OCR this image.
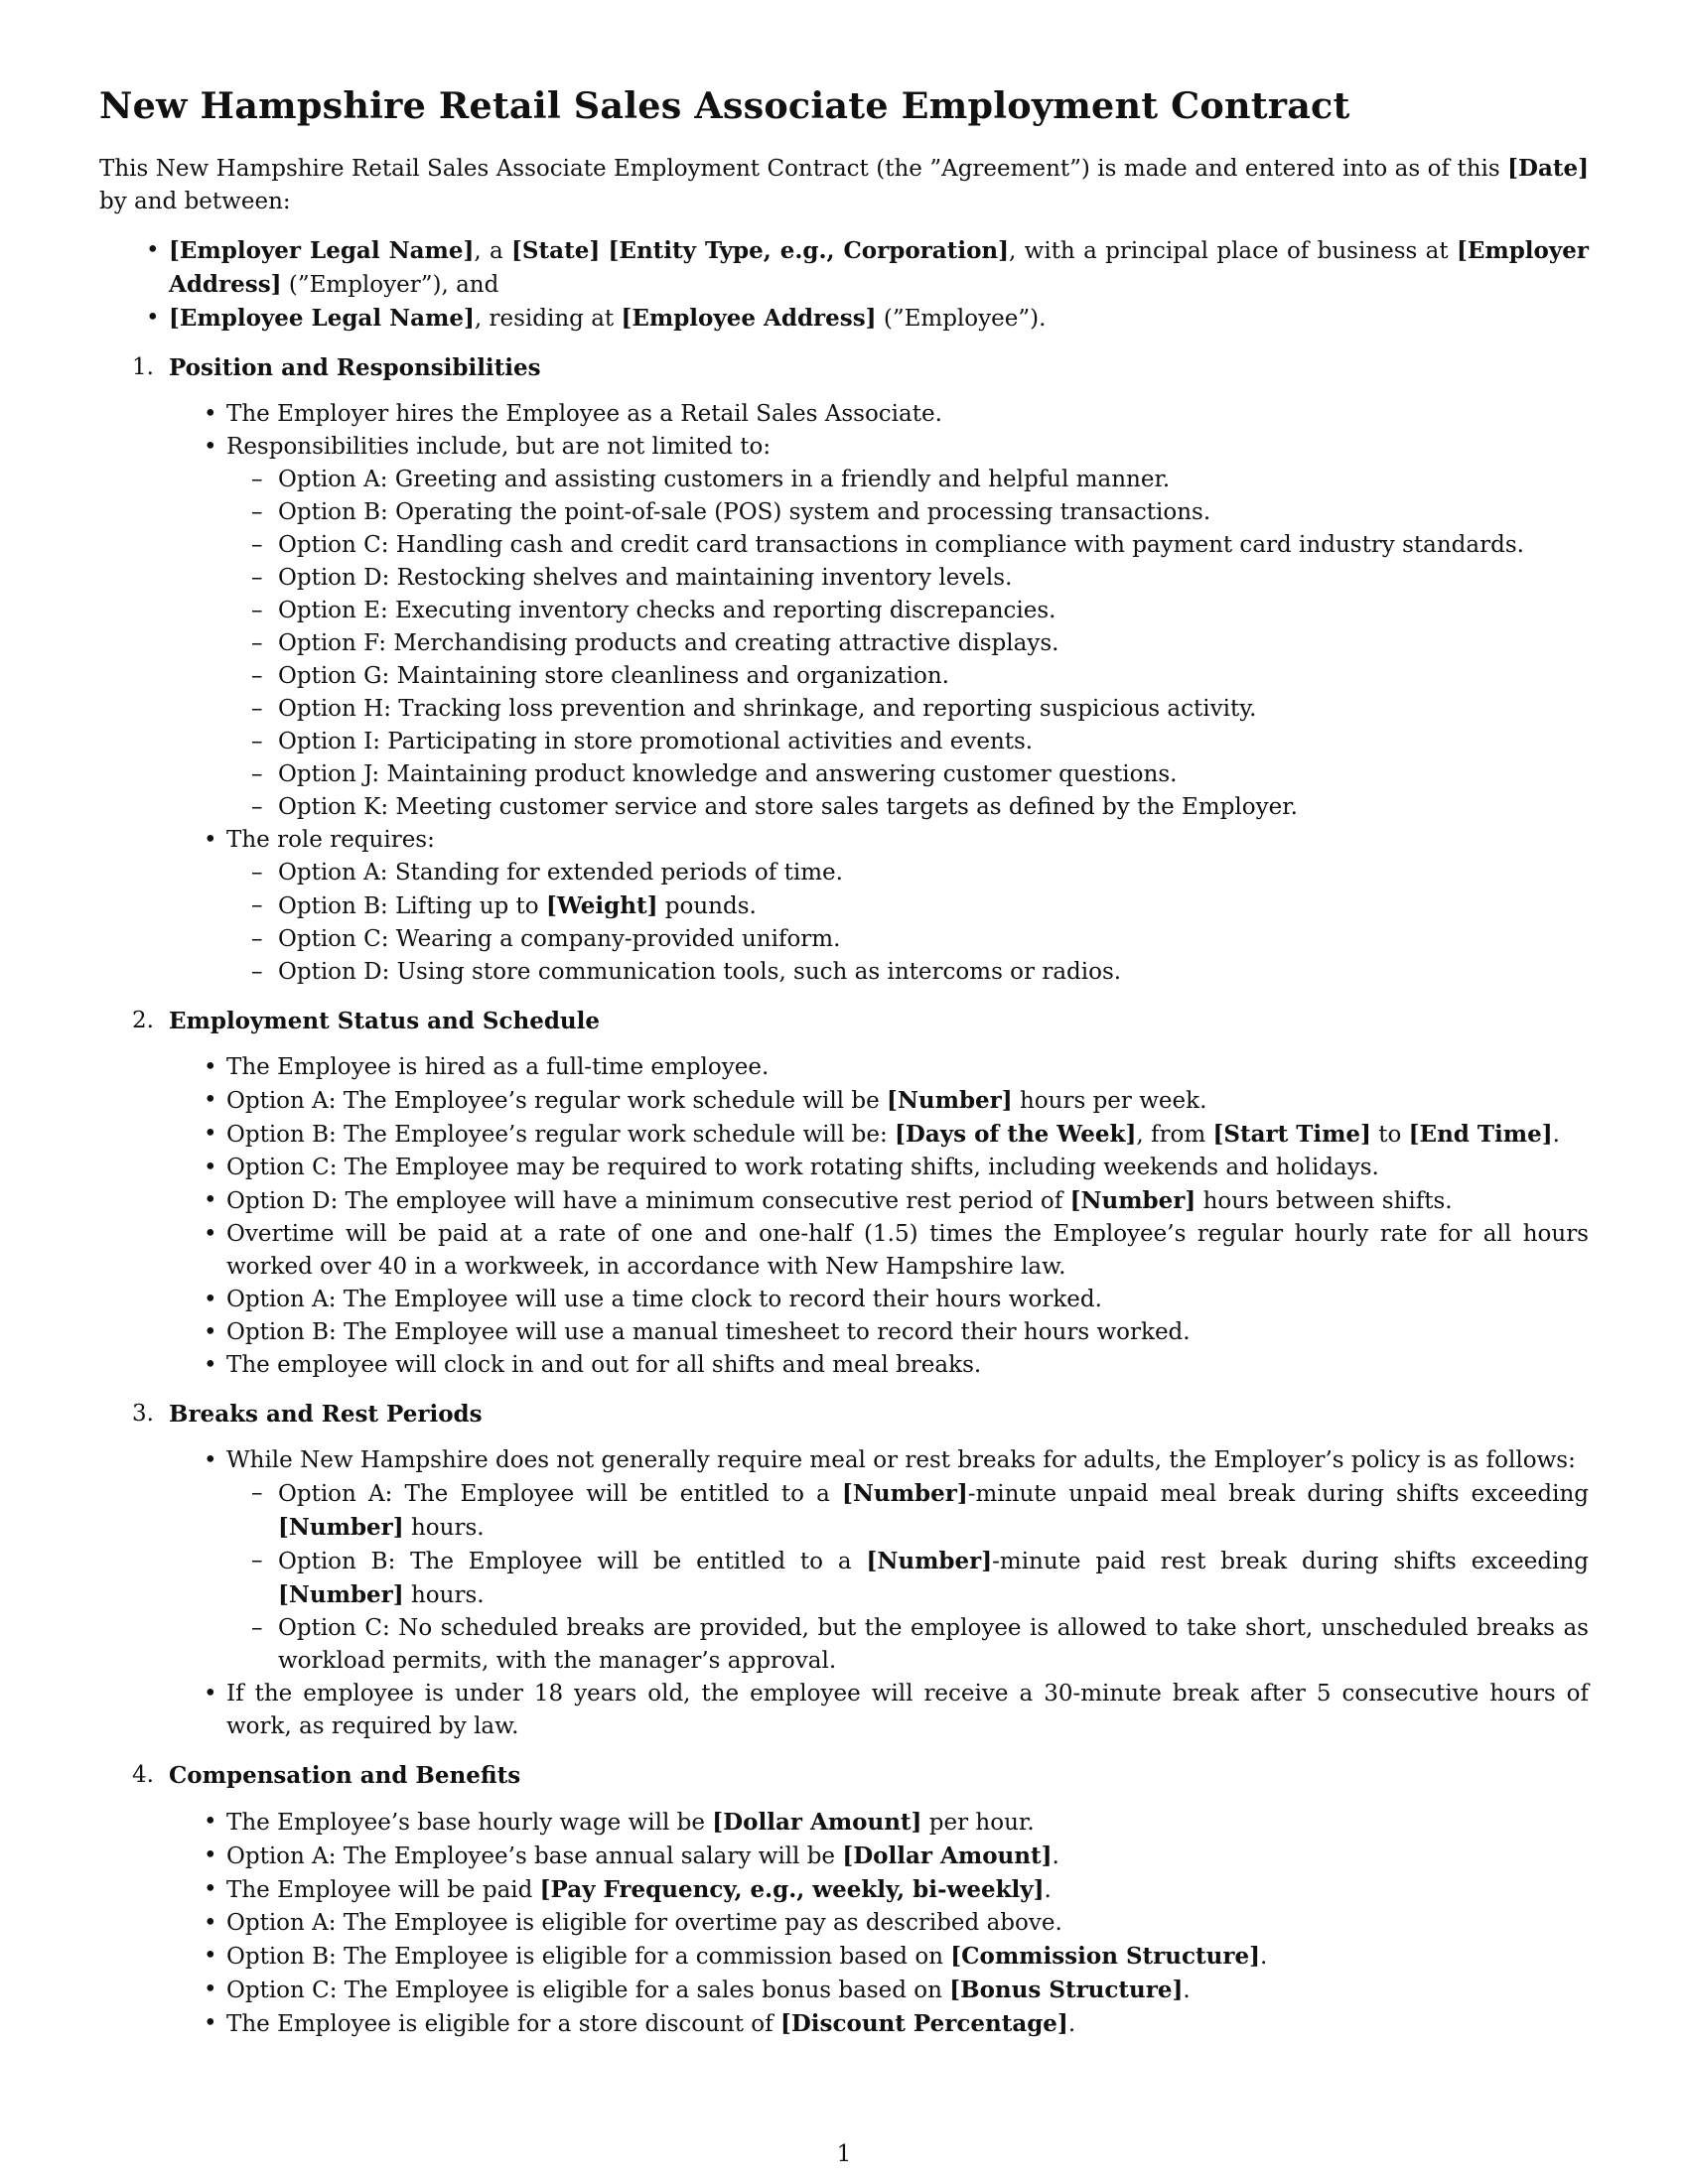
New Hampshire Retail Sales Associate Employment Contract

This New Hampshire Retail Sales Associate Employment Contract (the ”Agreement”) is made and entered into as of this [Date] by and between:

• [Employer Legal Name], a [State] [Entity Type, e.g., Corporation], with a principal place of business at [Employer Address] (”Employer”), and
• [Employee Legal Name], residing at [Employee Address] (”Employee”).
1. Position and Responsibilities
• The Employer hires the Employee as a Retail Sales Associate.
• Responsibilities include, but are not limited to:
– Option A: Greeting and assisting customers in a friendly and helpful manner.
– Option B: Operating the point-of-sale (POS) system and processing transactions.
– Option C: Handling cash and credit card transactions in compliance with payment card industry standards.
– Option D: Restocking shelves and maintaining inventory levels.
– Option E: Executing inventory checks and reporting discrepancies.
– Option F: Merchandising products and creating attractive displays.
– Option G: Maintaining store cleanliness and organization.
– Option H: Tracking loss prevention and shrinkage, and reporting suspicious activity.
– Option I: Participating in store promotional activities and events.
– Option J: Maintaining product knowledge and answering customer questions.
– Option K: Meeting customer service and store sales targets as defined by the Employer.
• The role requires:
– Option A: Standing for extended periods of time.
– Option B: Lifting up to [Weight] pounds.
– Option C: Wearing a company-provided uniform.
– Option D: Using store communication tools, such as intercoms or radios.
2. Employment Status and Schedule
• The Employee is hired as a full-time employee.
• Option A: The Employee’s regular work schedule will be [Number] hours per week.
• Option B: The Employee’s regular work schedule will be: [Days of the Week], from [Start Time] to [End Time].
• Option C: The Employee may be required to work rotating shifts, including weekends and holidays.
• Option D: The employee will have a minimum consecutive rest period of [Number] hours between shifts.
• Overtime will be paid at a rate of one and one-half (1.5) times the Employee’s regular hourly rate for all hours worked over 40 in a workweek, in accordance with New Hampshire law.
• Option A: The Employee will use a time clock to record their hours worked.
• Option B: The Employee will use a manual timesheet to record their hours worked.
• The employee will clock in and out for all shifts and meal breaks.
3. Breaks and Rest Periods
• While New Hampshire does not generally require meal or rest breaks for adults, the Employer’s policy is as follows:
– Option A: The Employee will be entitled to a [Number]-minute unpaid meal break during shifts exceeding [Number] hours.
– Option B: The Employee will be entitled to a [Number]-minute paid rest break during shifts exceeding [Number] hours.
– Option C: No scheduled breaks are provided, but the employee is allowed to take short, unscheduled breaks as workload permits, with the manager’s approval.
• If the employee is under 18 years old, the employee will receive a 30-minute break after 5 consecutive hours of work, as required by law.
4. Compensation and Benefits
• The Employee’s base hourly wage will be [Dollar Amount] per hour.
• Option A: The Employee’s base annual salary will be [Dollar Amount].
• The Employee will be paid [Pay Frequency, e.g., weekly, bi-weekly].
• Option A: The Employee is eligible for overtime pay as described above.
• Option B: The Employee is eligible for a commission based on [Commission Structure].
• Option C: The Employee is eligible for a sales bonus based on [Bonus Structure].
• The Employee is eligible for a store discount of [Discount Percentage].
1
